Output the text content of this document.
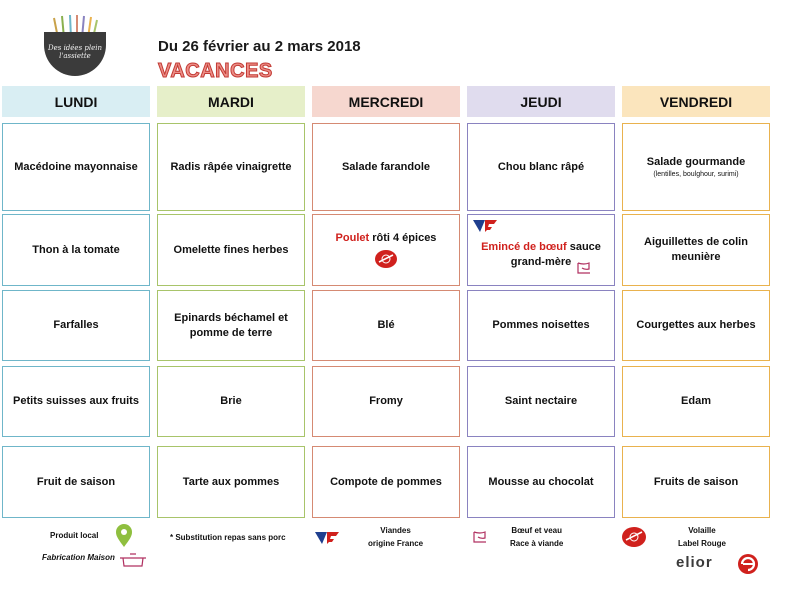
Des idées plein
l'assiette
Du 26 février au 2 mars 2018
VACANCES
LUNDI
Macédoine mayonnaise
Thon à la tomate
Farfalles
Petits suisses aux fruits
Fruit de saison
MARDI
Radis râpée vinaigrette
Omelette fines herbes
Epinards béchamel et pomme de terre
Brie
Tarte aux pommes
MERCREDI
Salade farandole
Poulet rôti 4 épices
Blé
Fromy
Compote de pommes
JEUDI
Chou blanc râpé
Emincé de bœuf sauce grand-mère
Pommes noisettes
Saint nectaire
Mousse au chocolat
VENDREDI
Salade gourmande
(lentilles, boulghour, surimi)
Aiguillettes de colin meunière
Courgettes aux herbes
Edam
Fruits de saison
Produit local
Fabrication Maison
* Substitution repas sans porc
Viandes
origine France
Bœuf et veau
Race à viande
Volaille
Label Rouge
elior
